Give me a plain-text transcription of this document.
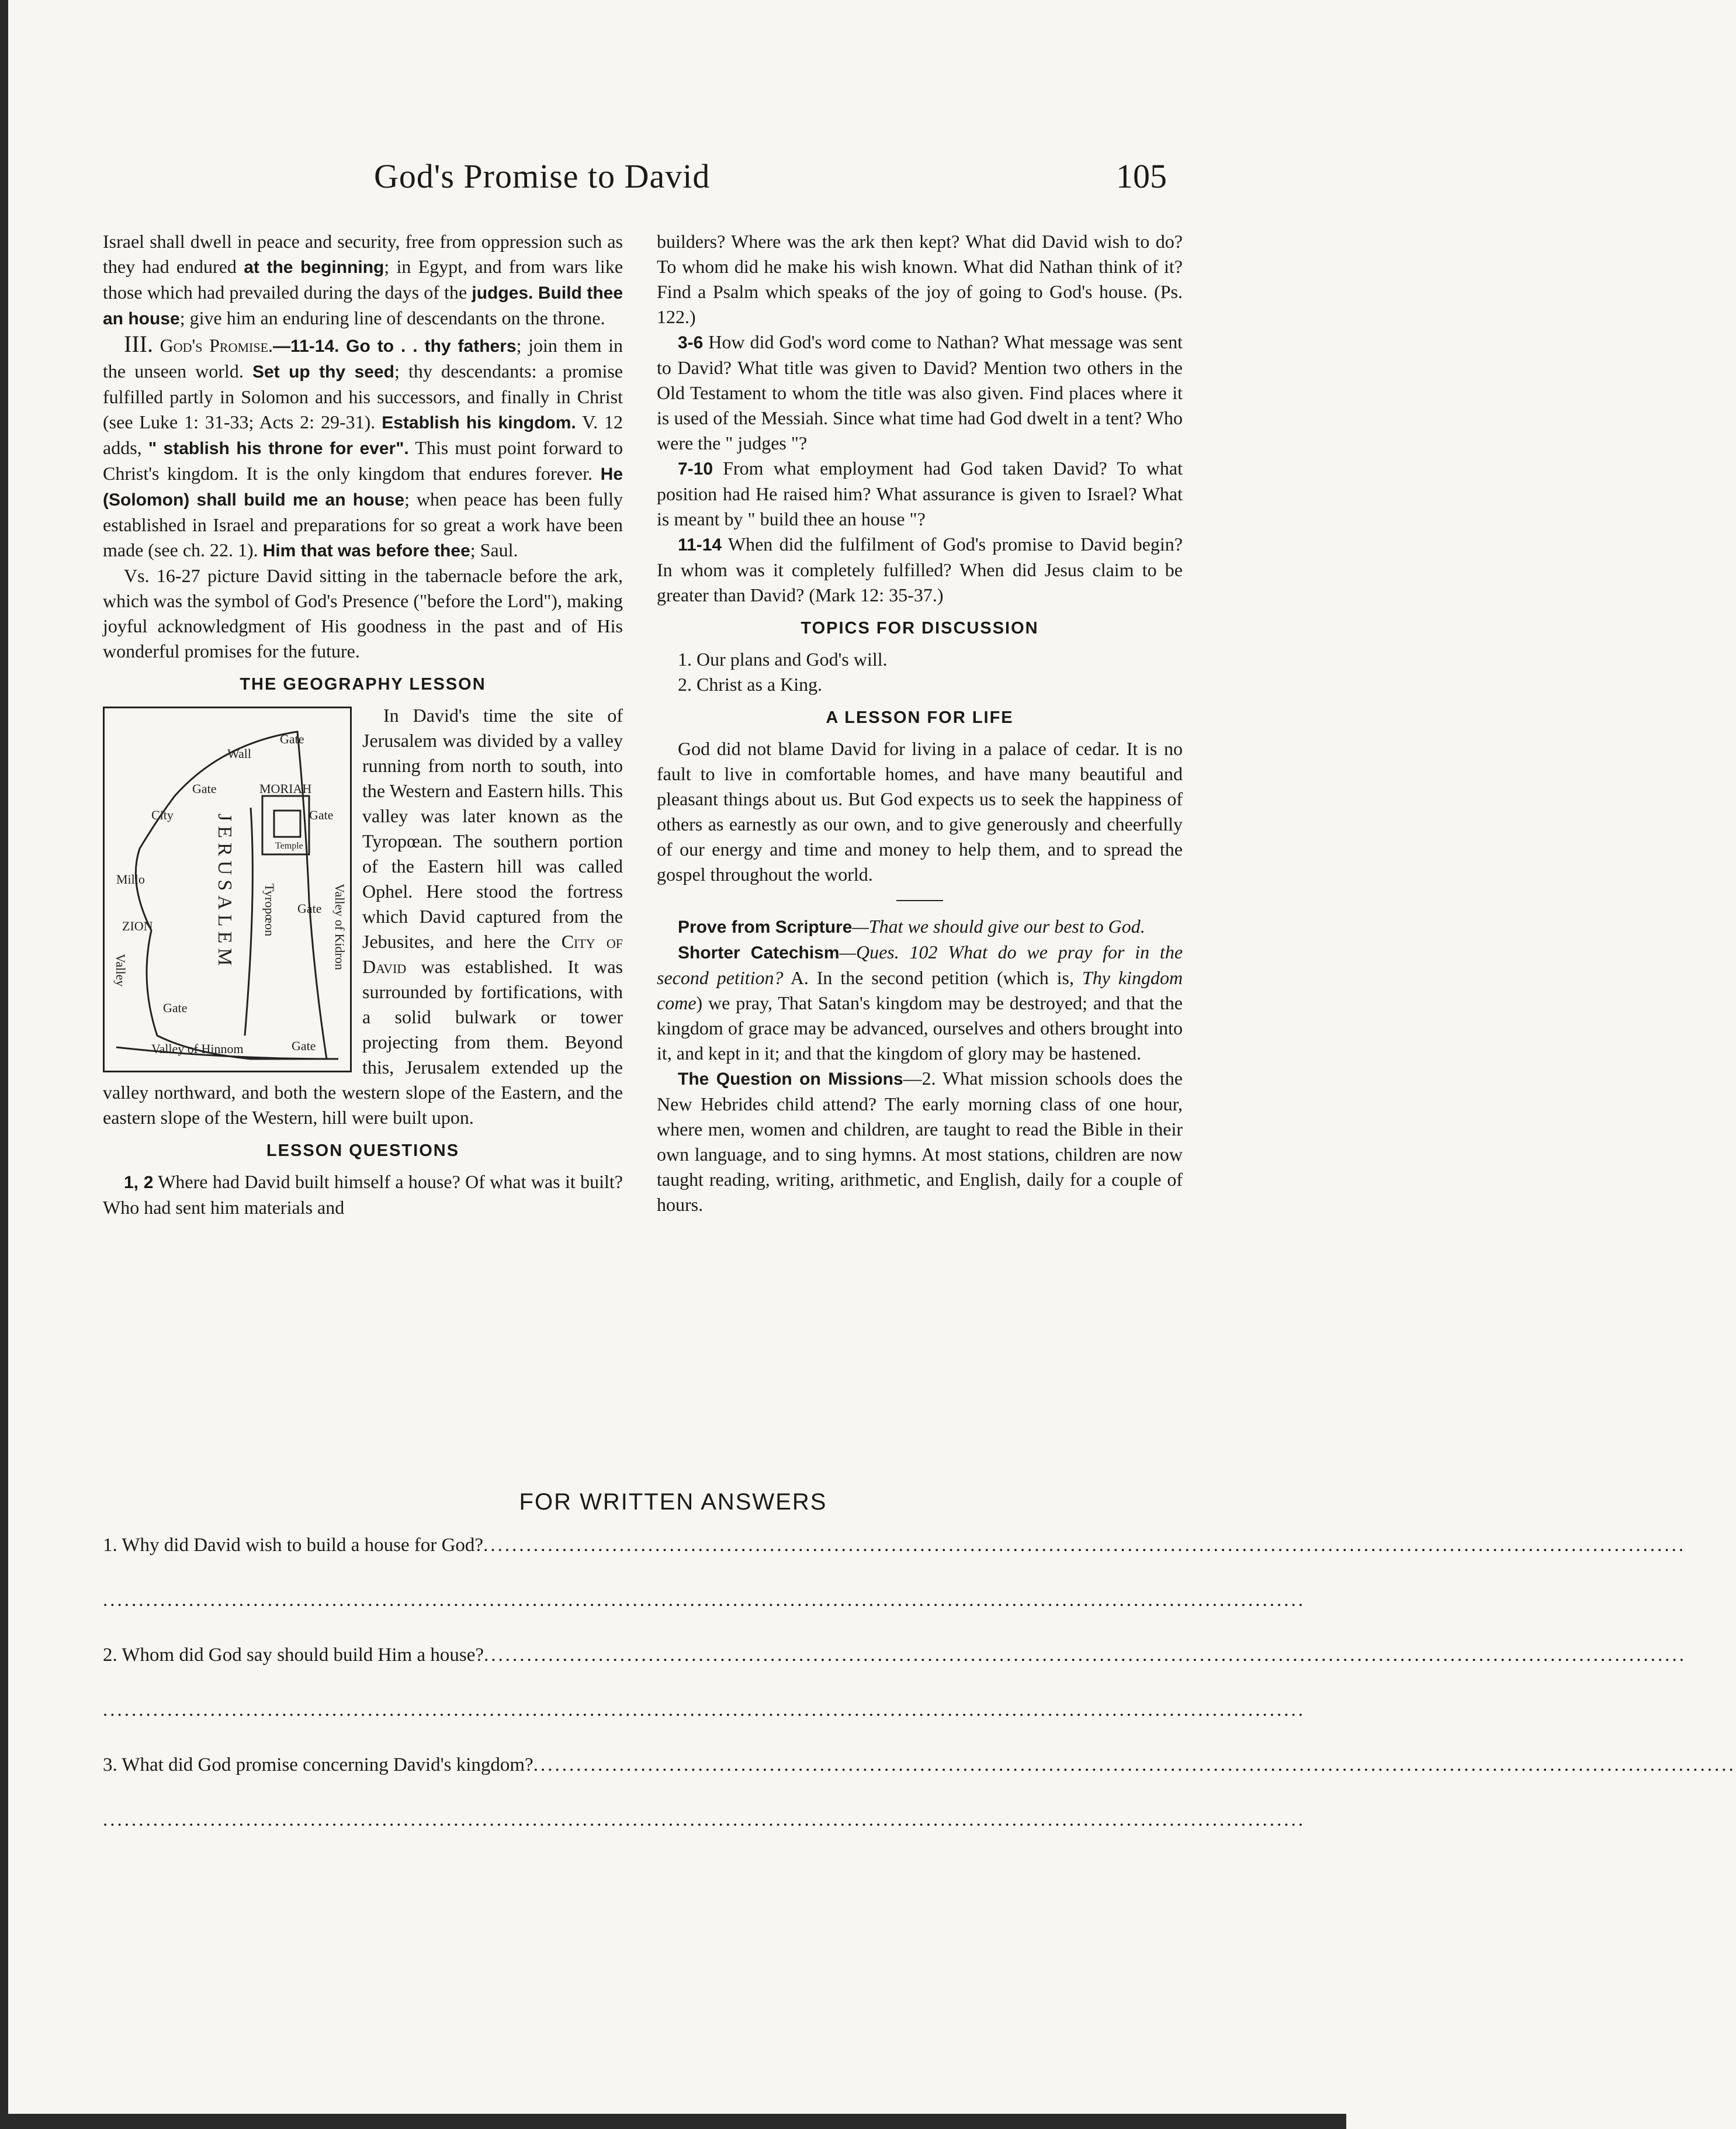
God's Promise to David	105

Israel shall dwell in peace and security, free from oppression such as they had endured at the beginning; in Egypt, and from wars like those which had prevailed during the days of the judges. Build thee an house; give him an enduring line of descendants on the throne.

III. God's Promise.—11-14. Go to . . thy fathers; join them in the unseen world. Set up thy seed; thy descendants: a promise fulfilled partly in Solomon and his successors, and finally in Christ (see Luke 1: 31-33; Acts 2: 29-31). Establish his kingdom. V. 12 adds, " stablish his throne for ever". This must point forward to Christ's kingdom. It is the only kingdom that endures forever. He (Solomon) shall build me an house; when peace has been fully established in Israel and preparations for so great a work have been made (see ch. 22. 1). Him that was before thee; Saul.

Vs. 16-27 picture David sitting in the tabernacle before the ark, which was the symbol of God's Presence ("before the Lord"), making joyful acknowledgment of His goodness in the past and of His wonderful promises for the future.

THE GEOGRAPHY LESSON
Wall
Gate
City
Gate	MORIAH
Temple
Gate
JERUSALEM
Millo
Gate
ZION	Tyropœon
Valley
Valley of Kidron
Valley of Hinnom
Gate
Gate

In David's time the site of Jerusalem was divided by a valley running from north to south, into the Western and Eastern hills. This valley was later known as the Tyropœan. The southern portion of the Eastern hill was called Ophel. Here stood the fortress which David captured from the Jebusites, and here the City of David was established. It was surrounded by fortifications, with a solid bulwark or tower projecting from them. Beyond this, Jerusalem extended up the valley northward, and both the western slope of the Eastern, and the eastern slope of the Western, hill were built upon.

LESSON QUESTIONS

1, 2 Where had David built himself a house? Of what was it built? Who had sent him materials and

builders? Where was the ark then kept? What did David wish to do? To whom did he make his wish known. What did Nathan think of it? Find a Psalm which speaks of the joy of going to God's house. (Ps. 122.)

3-6 How did God's word come to Nathan? What message was sent to David? What title was given to David? Mention two others in the Old Testament to whom the title was also given. Find places where it is used of the Messiah. Since what time had God dwelt in a tent? Who were the " judges "?

7-10 From what employment had God taken David? To what position had He raised him? What assurance is given to Israel? What is meant by " build thee an house "?

11-14 When did the fulfilment of God's promise to David begin? In whom was it completely fulfilled? When did Jesus claim to be greater than David? (Mark 12: 35-37.)

TOPICS FOR DISCUSSION

1. Our plans and God's will.

2. Christ as a King.

A LESSON FOR LIFE

God did not blame David for living in a palace of cedar. It is no fault to live in comfortable homes, and have many beautiful and pleasant things about us. But God expects us to seek the happiness of others as earnestly as our own, and to give generously and cheerfully of our energy and time and money to help them, and to spread the gospel throughout the world.

Prove from Scripture—That we should give our best to God.

Shorter Catechism—Ques. 102 What do we pray for in the second petition? A. In the second petition (which is, Thy kingdom come) we pray, That Satan's kingdom may be destroyed; and that the kingdom of grace may be advanced, ourselves and others brought into it, and kept in it; and that the kingdom of glory may be hastened.

The Question on Missions—2. What mission schools does the New Hebrides child attend? The early morning class of one hour, where men, women and children, are taught to read the Bible in their own language, and to sing hymns. At most stations, children are now taught reading, writing, arithmetic, and English, daily for a couple of hours.

FOR WRITTEN ANSWERS
1. Why did David wish to build a house for God?........................................................................................................................................................................
........................................................................................................................................................................
2. Whom did God say should build Him a house?........................................................................................................................................................................
........................................................................................................................................................................
3. What did God promise concerning David's kingdom?........................................................................................................................................................................
........................................................................................................................................................................
